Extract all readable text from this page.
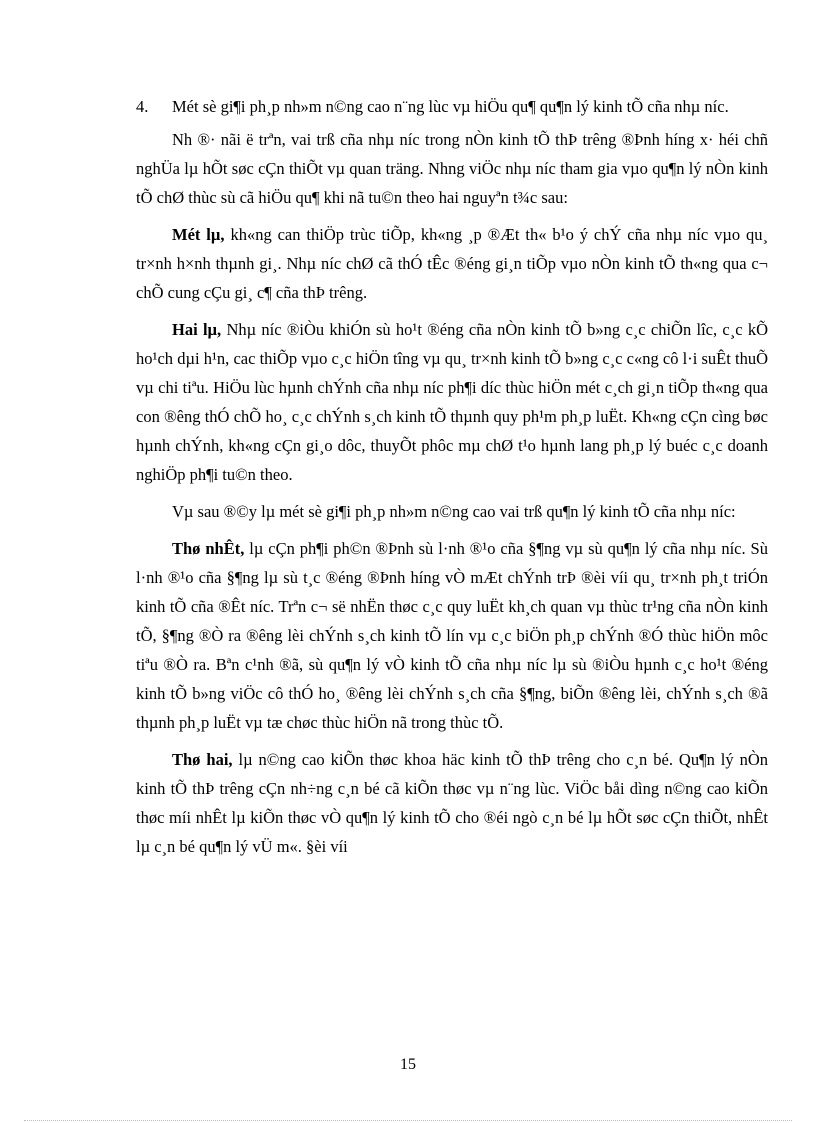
4.	Mét sè gi¶i ph¸p nh»m n©ng cao n¨ng lùc vµ hiÖu qu¶ qu¶n lý kinh tÕ cña nhµ níc.

Nh ®· nãi ë trªn, vai trß cña nhµ níc trong nÒn kinh tÕ thÞ trêng ®Þnh híng x· héi chñ nghÜa lµ hÕt søc cÇn thiÕt vµ quan träng. Nhng viÖc nhµ níc tham gia vµo qu¶n lý nÒn kinh tÕ chØ thùc sù cã hiÖu qu¶ khi nã tu©n theo hai nguyªn t¾c sau:

Mét lµ, kh«ng can thiÖp trùc tiÕp, kh«ng ¸p ®Æt th« b¹o ý chÝ cña nhµ níc vµo qu¸ tr×nh h×nh thµnh gi¸. Nhµ níc chØ cã thÓ tÊc ®éng gi¸n tiÕp vµo nÒn kinh tÕ th«ng qua c¬ chÕ cung cÇu gi¸ c¶ cña thÞ trêng.

Hai lµ, Nhµ níc ®iÒu khiÓn sù ho¹t ®éng cña nÒn kinh tÕ b»ng c¸c chiÕn lîc, c¸c kÕ ho¹ch dµi h¹n, cac thiÕp vµo c¸c hiÖn tîng vµ qu¸ tr×nh kinh tÕ b»ng c¸c c«ng cô l·i suÊt thuÕ vµ chi tiªu. HiÖu lùc hµnh chÝnh cña nhµ níc ph¶i díc thùc hiÖn mét c¸ch gi¸n tiÕp th«ng qua con ®êng thÓ chÕ ho¸ c¸c chÝnh s¸ch kinh tÕ thµnh quy ph¹m ph¸p luËt. Kh«ng cÇn cìng bøc hµnh chÝnh, kh«ng cÇn gi¸o dôc, thuyÕt phôc mµ chØ t¹o hµnh lang ph¸p lý buéc c¸c doanh nghiÖp ph¶i tu©n theo.

Vµ sau ®©y lµ mét sè gi¶i ph¸p nh»m n©ng cao vai trß qu¶n lý kinh tÕ cña nhµ níc:

Thø nhÊt, lµ cÇn ph¶i ph©n ®Þnh sù l·nh ®¹o cña §¶ng vµ sù qu¶n lý cña nhµ níc. Sù l·nh ®¹o cña §¶ng lµ sù t¸c ®éng ®Þnh híng vÒ mÆt chÝnh trÞ ®èi víi qu¸ tr×nh ph¸t triÓn kinh tÕ cña ®Êt níc. Trªn c¬ së nhËn thøc c¸c quy luËt kh¸ch quan vµ thùc tr¹ng cña nÒn kinh tÕ, §¶ng ®Ò ra ®êng lèi chÝnh s¸ch kinh tÕ lín vµ c¸c biÖn ph¸p chÝnh ®Ó thùc hiÖn môc tiªu ®Ò ra. Bªn c¹nh ®ã, sù qu¶n lý vÒ kinh tÕ cña nhµ níc lµ sù ®iÒu hµnh c¸c ho¹t ®éng kinh tÕ b»ng viÖc cô thÓ ho¸ ®êng lèi chÝnh s¸ch cña §¶ng, biÕn ®êng lèi, chÝnh s¸ch ®ã thµnh ph¸p luËt vµ tæ chøc thùc hiÖn nã trong thùc tÕ.

Thø hai, lµ n©ng cao kiÕn thøc khoa häc kinh tÕ thÞ trêng cho c¸n bé. Qu¶n lý nÒn kinh tÕ thÞ trêng cÇn nh÷ng c¸n bé cã kiÕn thøc vµ n¨ng lùc. ViÖc båi dìng n©ng cao kiÕn thøc míi nhÊt lµ kiÕn thøc vÒ qu¶n lý kinh tÕ cho ®éi ngò c¸n bé lµ hÕt søc cÇn thiÕt, nhÊt lµ c¸n bé qu¶n lý vÜ m«. §èi víi

15
